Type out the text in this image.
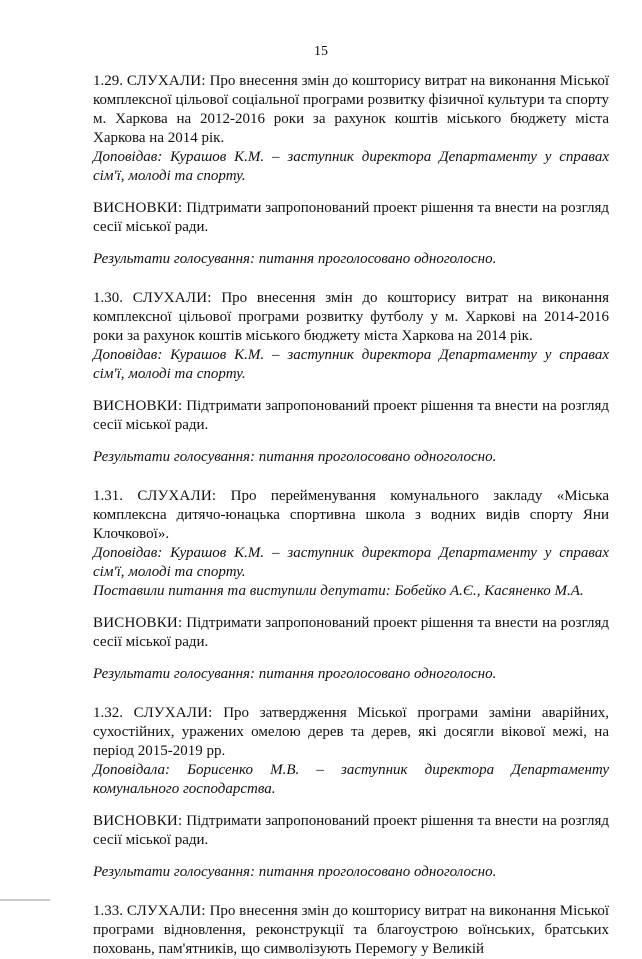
15

1.29. СЛУХАЛИ: Про внесення змін до кошторису витрат на виконання Міської комплексної цільової соціальної програми розвитку фізичної культури та спорту м. Харкова на 2012-2016 роки за рахунок коштів міського бюджету міста Харкова на 2014 рік.

Доповідав: Курашов К.М. – заступник директора Департаменту у справах сім'ї, молоді та спорту.

ВИСНОВКИ: Підтримати запропонований проект рішення та внести на розгляд сесії міської ради.

Результати голосування: питання проголосовано одноголосно.

1.30. СЛУХАЛИ: Про внесення змін до кошторису витрат на виконання комплексної цільової програми розвитку футболу у м. Харкові на 2014-2016 роки за рахунок коштів міського бюджету міста Харкова на 2014 рік.

Доповідав: Курашов К.М. – заступник директора Департаменту у справах сім'ї, молоді та спорту.

ВИСНОВКИ: Підтримати запропонований проект рішення та внести на розгляд сесії міської ради.

Результати голосування: питання проголосовано одноголосно.

1.31. СЛУХАЛИ: Про перейменування комунального закладу «Міська комплексна дитячо-юнацька спортивна школа з водних видів спорту Яни Клочкової».

Доповідав: Курашов К.М. – заступник директора Департаменту у справах сім'ї, молоді та спорту.

Поставили питання та виступили депутати: Бобейко А.Є., Касяненко М.А.

ВИСНОВКИ: Підтримати запропонований проект рішення та внести на розгляд сесії міської ради.

Результати голосування: питання проголосовано одноголосно.

1.32. СЛУХАЛИ: Про затвердження Міської програми заміни аварійних, сухостійних, уражених омелою дерев та дерев, які досягли вікової межі, на період 2015-2019 рр.

Доповідала: Борисенко М.В. – заступник директора Департаменту комунального господарства.

ВИСНОВКИ: Підтримати запропонований проект рішення та внести на розгляд сесії міської ради.

Результати голосування: питання проголосовано одноголосно.

1.33. СЛУХАЛИ: Про внесення змін до кошторису витрат на виконання Міської програми відновлення, реконструкції та благоустрою воїнських, братських поховань, пам'ятників, що символізують Перемогу у Великій
